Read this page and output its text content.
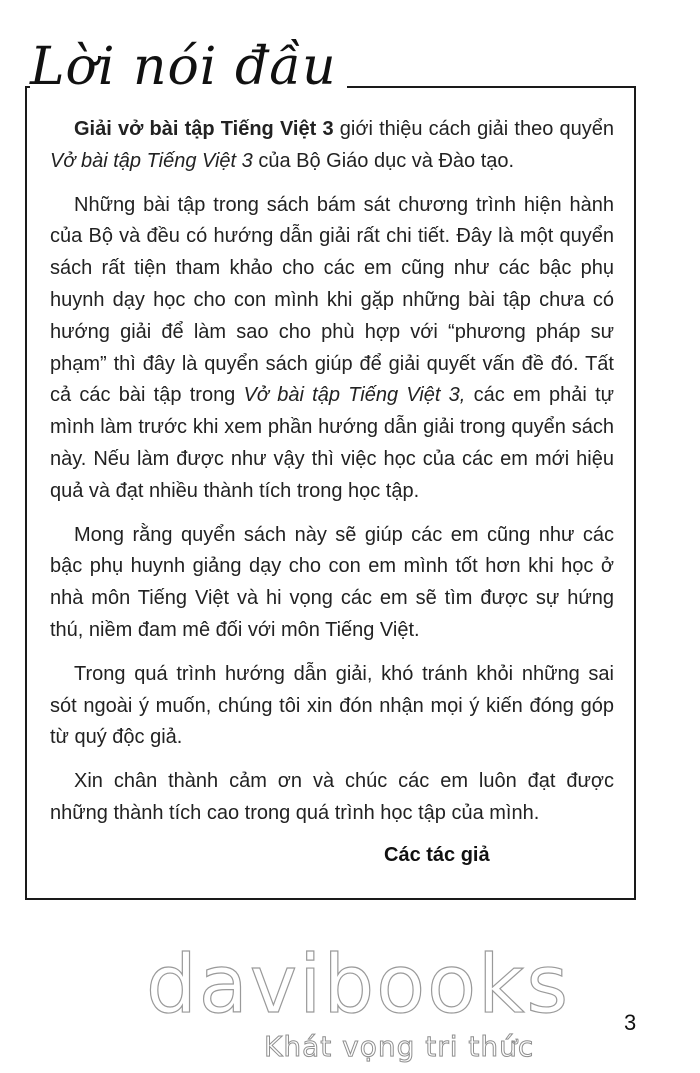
Lời nói đầu

Giải vở bài tập Tiếng Việt 3 giới thiệu cách giải theo quyển Vở bài tập Tiếng Việt 3 của Bộ Giáo dục và Đào tạo.

Những bài tập trong sách bám sát chương trình hiện hành của Bộ và đều có hướng dẫn giải rất chi tiết. Đây là một quyển sách rất tiện tham khảo cho các em cũng như các bậc phụ huynh dạy học cho con mình khi gặp những bài tập chưa có hướng giải để làm sao cho phù hợp với “phương pháp sư phạm” thì đây là quyển sách giúp để giải quyết vấn đề đó. Tất cả các bài tập trong Vở bài tập Tiếng Việt 3, các em phải tự mình làm trước khi xem phần hướng dẫn giải trong quyển sách này. Nếu làm được như vậy thì việc học của các em mới hiệu quả và đạt nhiều thành tích trong học tập.

Mong rằng quyển sách này sẽ giúp các em cũng như các bậc phụ huynh giảng dạy cho con em mình tốt hơn khi học ở nhà môn Tiếng Việt và hi vọng các em sẽ tìm được sự hứng thú, niềm đam mê đối với môn Tiếng Việt.

Trong quá trình hướng dẫn giải, khó tránh khỏi những sai sót ngoài ý muốn, chúng tôi xin đón nhận mọi ý kiến đóng góp từ quý độc giả.

Xin chân thành cảm ơn và chúc các em luôn đạt được những thành tích cao trong quá trình học tập của mình.

Các tác giả
davibooks
Khát vọng tri thức
3
